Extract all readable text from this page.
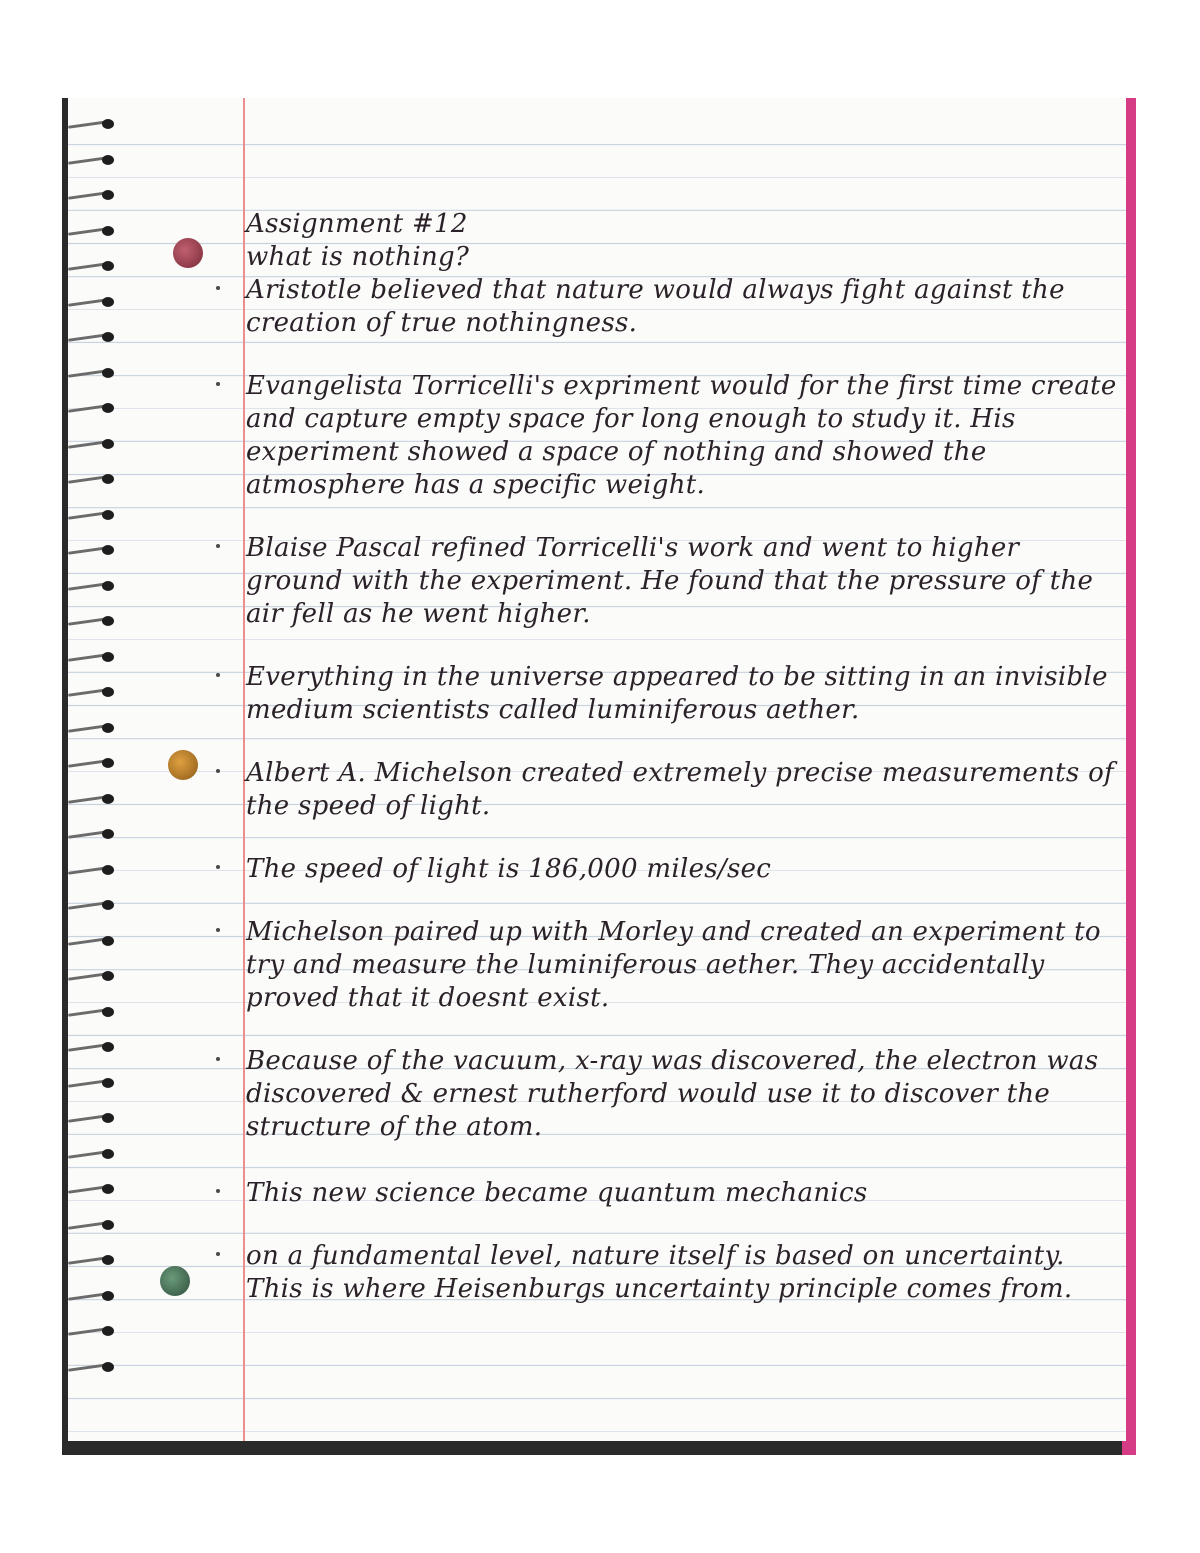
Assignment #12

what is nothing?

Aristotle believed that nature would always fight against the creation of true nothingness.
Evangelista Torricelli's expriment would for the first time create and capture empty space for long enough to study it. His experiment showed a space of nothing and showed the atmosphere has a specific weight.
Blaise Pascal refined Torricelli's work and went to higher ground with the experiment. He found that the pressure of the air fell as he went higher.
Everything in the universe appeared to be sitting in an invisible medium scientists called luminiferous aether.
Albert A. Michelson created extremely precise measurements of the speed of light.
The speed of light is 186,000 miles/sec
Michelson paired up with Morley and created an experiment to try and measure the luminiferous aether. They accidentally proved that it doesnt exist.
Because of the vacuum, x-ray was discovered, the electron was discovered & ernest rutherford would use it to discover the structure of the atom.
This new science became quantum mechanics
on a fundamental level, nature itself is based on uncertainty. This is where Heisenburgs uncertainty principle comes from.
